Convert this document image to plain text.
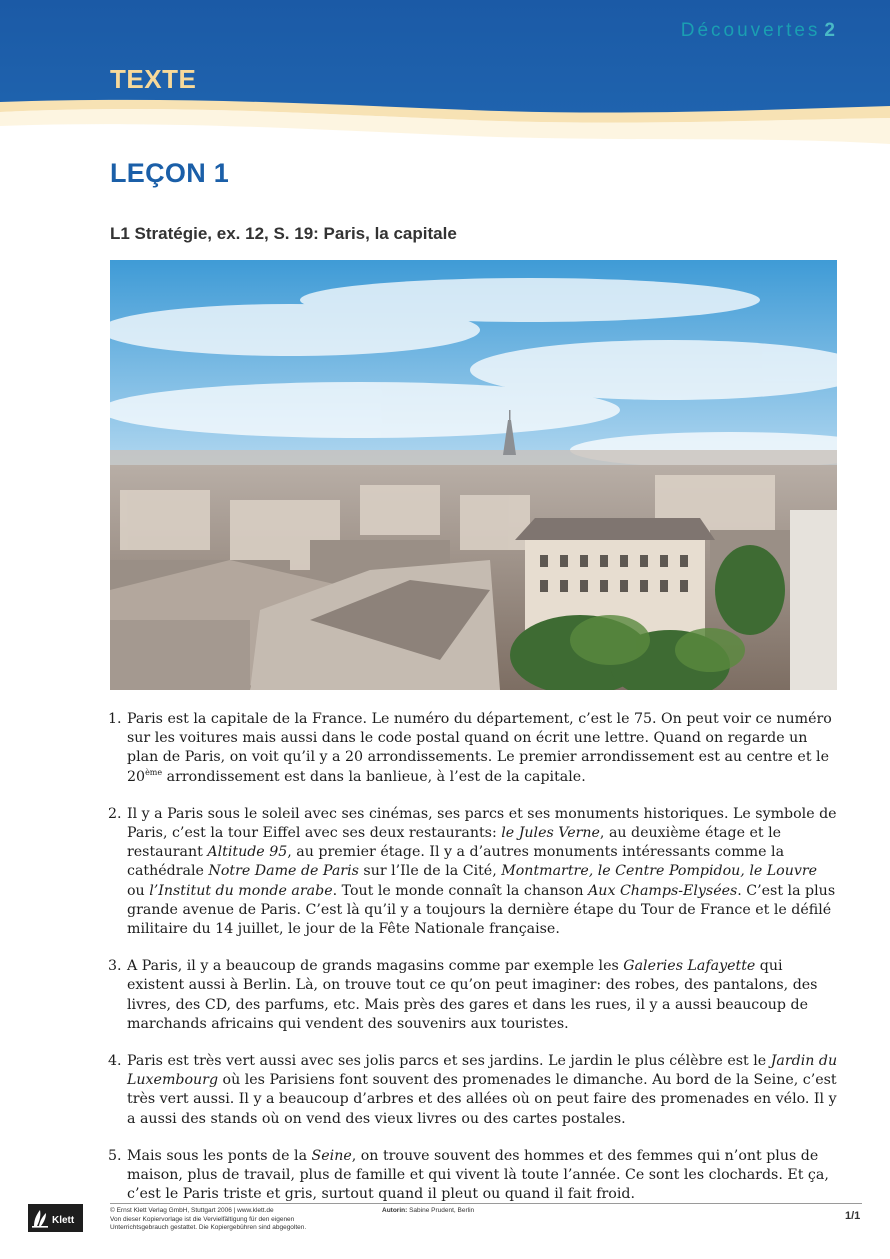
Découvertes 2
TEXTE
LEÇON 1
L1 Stratégie, ex. 12, S. 19: Paris, la capitale
1. Paris est la capitale de la France. Le numéro du département, c’est le 75. On peut voir ce numéro sur les voitures mais aussi dans le code postal quand on écrit une lettre. Quand on regarde un plan de Paris, on voit qu’il y a 20 arrondissements. Le premier arrondissement est au centre et le 20ème arrondissement est dans la banlieue, à l’est de la capitale.
2. Il y a Paris sous le soleil avec ses cinémas, ses parcs et ses monuments historiques. Le symbole de Paris, c’est la tour Eiffel avec ses deux restaurants: le Jules Verne, au deuxième étage et le restaurant Altitude 95, au premier étage. Il y a d’autres monuments intéressants comme la cathédrale Notre Dame de Paris sur l’Ile de la Cité, Montmartre, le Centre Pompidou, le Louvre ou l’Institut du monde arabe. Tout le monde connaît la chanson Aux Champs-Elysées. C’est la plus grande avenue de Paris. C’est là qu’il y a toujours la dernière étape du Tour de France et le défilé militaire du 14 juillet, le jour de la Fête Nationale française.
3. A Paris, il y a beaucoup de grands magasins comme par exemple les Galeries Lafayette qui existent aussi à Berlin. Là, on trouve tout ce qu’on peut imaginer: des robes, des pantalons, des livres, des CD, des parfums, etc. Mais près des gares et dans les rues, il y a aussi beaucoup de marchands africains qui vendent des souvenirs aux touristes.
4. Paris est très vert aussi avec ses jolis parcs et ses jardins. Le jardin le plus célèbre est le Jardin du Luxembourg où les Parisiens font souvent des promenades le dimanche. Au bord de la Seine, c’est très vert aussi. Il y a beaucoup d’arbres et des allées où on peut faire des promenades en vélo. Il y a aussi des stands où on vend des vieux livres ou des cartes postales.
5. Mais sous les ponts de la Seine, on trouve souvent des hommes et des femmes qui n’ont plus de maison, plus de travail, plus de famille et qui vivent là toute l’année. Ce sont les clochards. Et ça, c’est le Paris triste et gris, surtout quand il pleut ou quand il fait froid.
Klett
© Ernst Klett Verlag GmbH, Stuttgart 2006 | www.klett.de
Von dieser Kopiervorlage ist die Vervielfältigung für den eigenen
Unterrichtsgebrauch gestattet. Die Kopiergebühren sind abgegolten.
Autorin: Sabine Prudent, Berlin	1/1
